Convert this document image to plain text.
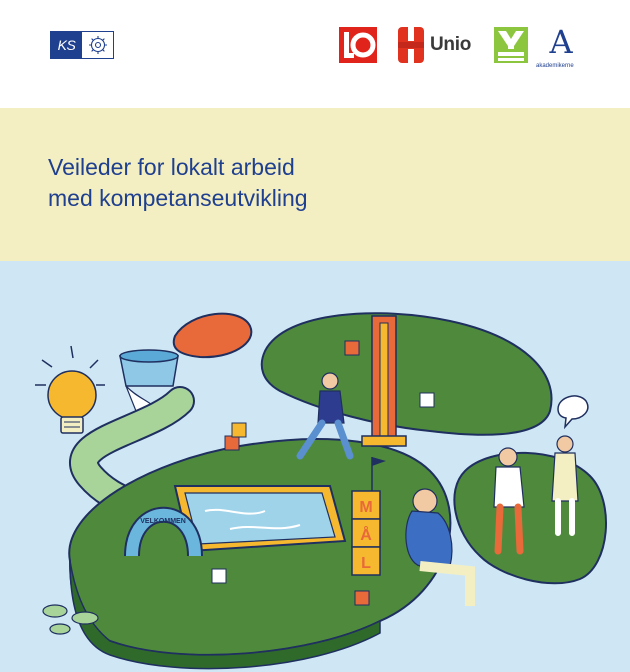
KS	Unio A
akademikerne
Veileder for lokalt arbeid
med kompetanseutvikling
M
Å
L
VELKOMMEN
